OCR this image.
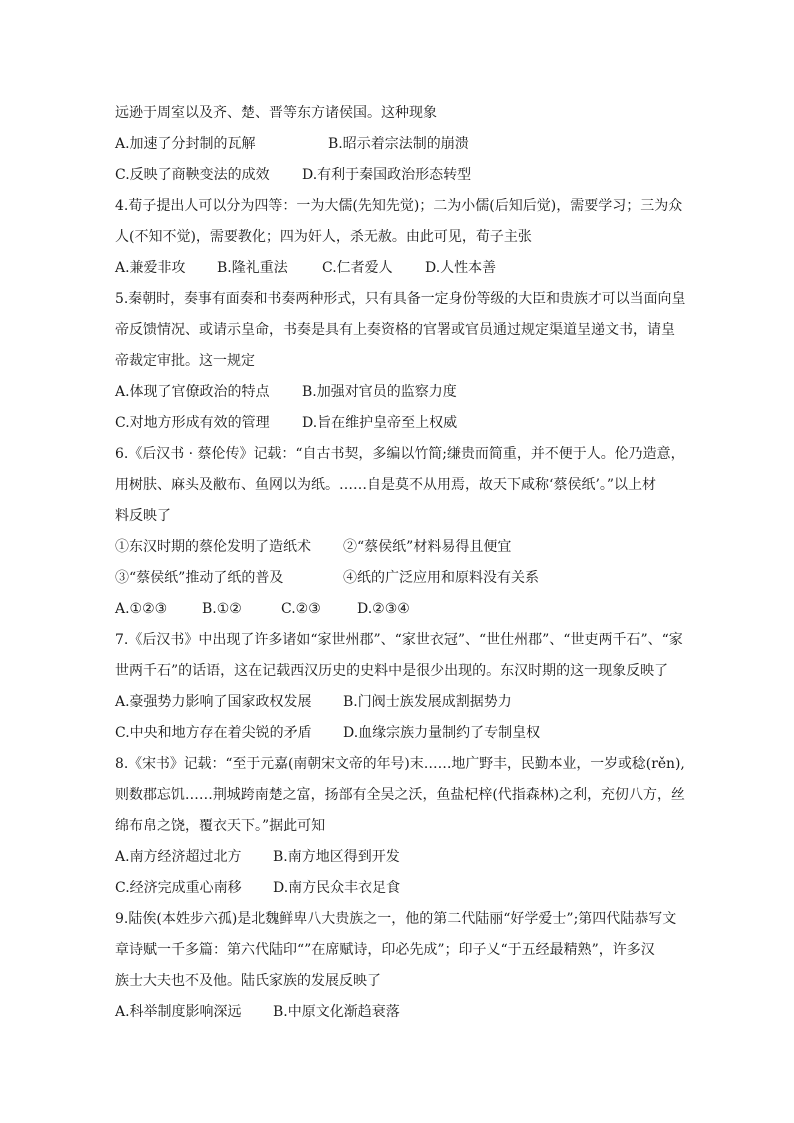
远逊于周室以及齐、楚、晋等东方诸侯国。这种现象
A.加速了分封制的瓦解	B.昭示着宗法制的崩溃
C.反映了商鞅变法的成效 D.有利于秦国政治形态转型
4.荀子提出人可以分为四等：一为大儒(先知先觉)；二为小儒(后知后觉)，需要学习；三为众
人(不知不觉)，需要教化；四为奸人，杀无赦。由此可见，荀子主张
A.兼爱非攻 B.隆礼重法 C.仁者爱人 D.人性本善
5.秦朝时，奏事有面奏和书奏两种形式，只有具备一定身份等级的大臣和贵族才可以当面向皇
帝反馈情况、或请示皇命，书奏是具有上奏资格的官署或官员通过规定渠道呈递文书，请皇
帝裁定审批。这一规定
A.体现了官僚政治的特点 B.加强对官员的监察力度
C.对地方形成有效的管理 D.旨在维护皇帝至上权威
6.《后汉书 · 蔡伦传》记载：“自古书契，多编以竹简;缣贵而简重，并不便于人。伦乃造意，
用树肤、麻头及敝布、鱼网以为纸。……自是莫不从用焉，故天下咸称‘蔡侯纸’。”以上材
料反映了
①东汉时期的蔡伦发明了造纸术 ②“蔡侯纸”材料易得且便宜
③“蔡侯纸”推动了纸的普及	④纸的广泛应用和原料没有关系
A.①②③ B.①②	C.②③	D.②③④
7.《后汉书》中出现了许多诸如“家世州郡”、“家世衣冠”、“世仕州郡”、“世吏两千石”、“家
世两千石”的话语，这在记载西汉历史的史料中是很少出现的。东汉时期的这一现象反映了
A.豪强势力影响了国家政权发展 B.门阀士族发展成割据势力
C.中央和地方存在着尖锐的矛盾 D.血缘宗族力量制约了专制皇权
8.《宋书》记载：“至于元嘉(南朝宋文帝的年号)末……地广野丰，民勤本业，一岁或稔(rěn),
则数郡忘饥……荆城跨南楚之富，扬部有全吴之沃，鱼盐杞梓(代指森林)之利，充仞八方，丝
绵布帛之饶，覆衣天下。”据此可知
A.南方经济超过北方 B.南方地区得到开发
C.经济完成重心南移 D.南方民众丰衣足食
9.陆俟(本姓步六孤)是北魏鲜卑八大贵族之一，他的第二代陆丽“好学爱士”;第四代陆恭写文
章诗赋一千多篇：第六代陆印“”在席赋诗，印必先成”；印子乂“于五经最精熟”，许多汉
族士大夫也不及他。陆氏家族的发展反映了
A.科举制度影响深远 B.中原文化渐趋衰落
